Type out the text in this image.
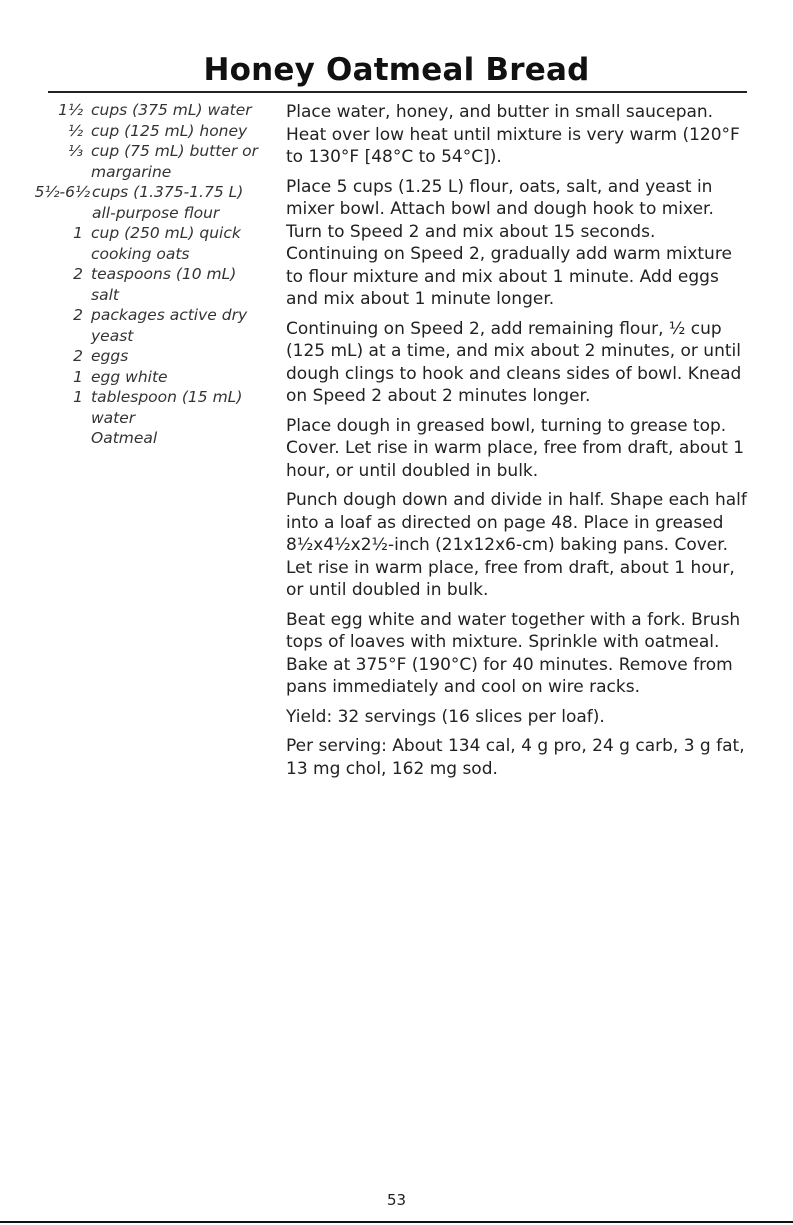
Honey Oatmeal Bread
1½ cups (375 mL) water
½ cup (125 mL) honey
⅓ cup (75 mL) butter or margarine
5½-6½ cups (1.375-1.75 L) all-purpose flour
1 cup (250 mL) quick cooking oats
2 teaspoons (10 mL) salt
2 packages active dry yeast
2 eggs
1 egg white
1 tablespoon (15 mL) water
Oatmeal

Place water, honey, and butter in small saucepan. Heat over low heat until mixture is very warm (120°F to 130°F [48°C to 54°C]).

Place 5 cups (1.25 L) flour, oats, salt, and yeast in mixer bowl. Attach bowl and dough hook to mixer. Turn to Speed 2 and mix about 15 seconds. Continuing on Speed 2, gradually add warm mixture to flour mixture and mix about 1 minute. Add eggs and mix about 1 minute longer.

Continuing on Speed 2, add remaining flour, ½ cup (125 mL) at a time, and mix about 2 minutes, or until dough clings to hook and cleans sides of bowl. Knead on Speed 2 about 2 minutes longer.

Place dough in greased bowl, turning to grease top. Cover. Let rise in warm place, free from draft, about 1 hour, or until doubled in bulk.

Punch dough down and divide in half. Shape each half into a loaf as directed on page 48. Place in greased 8½x4½x2½-inch (21x12x6-cm) baking pans. Cover. Let rise in warm place, free from draft, about 1 hour, or until doubled in bulk.

Beat egg white and water together with a fork. Brush tops of loaves with mixture. Sprinkle with oatmeal. Bake at 375°F (190°C) for 40 minutes. Remove from pans immediately and cool on wire racks.

Yield: 32 servings (16 slices per loaf).

Per serving: About 134 cal, 4 g pro, 24 g carb, 3 g fat, 13 mg chol, 162 mg sod.

53
